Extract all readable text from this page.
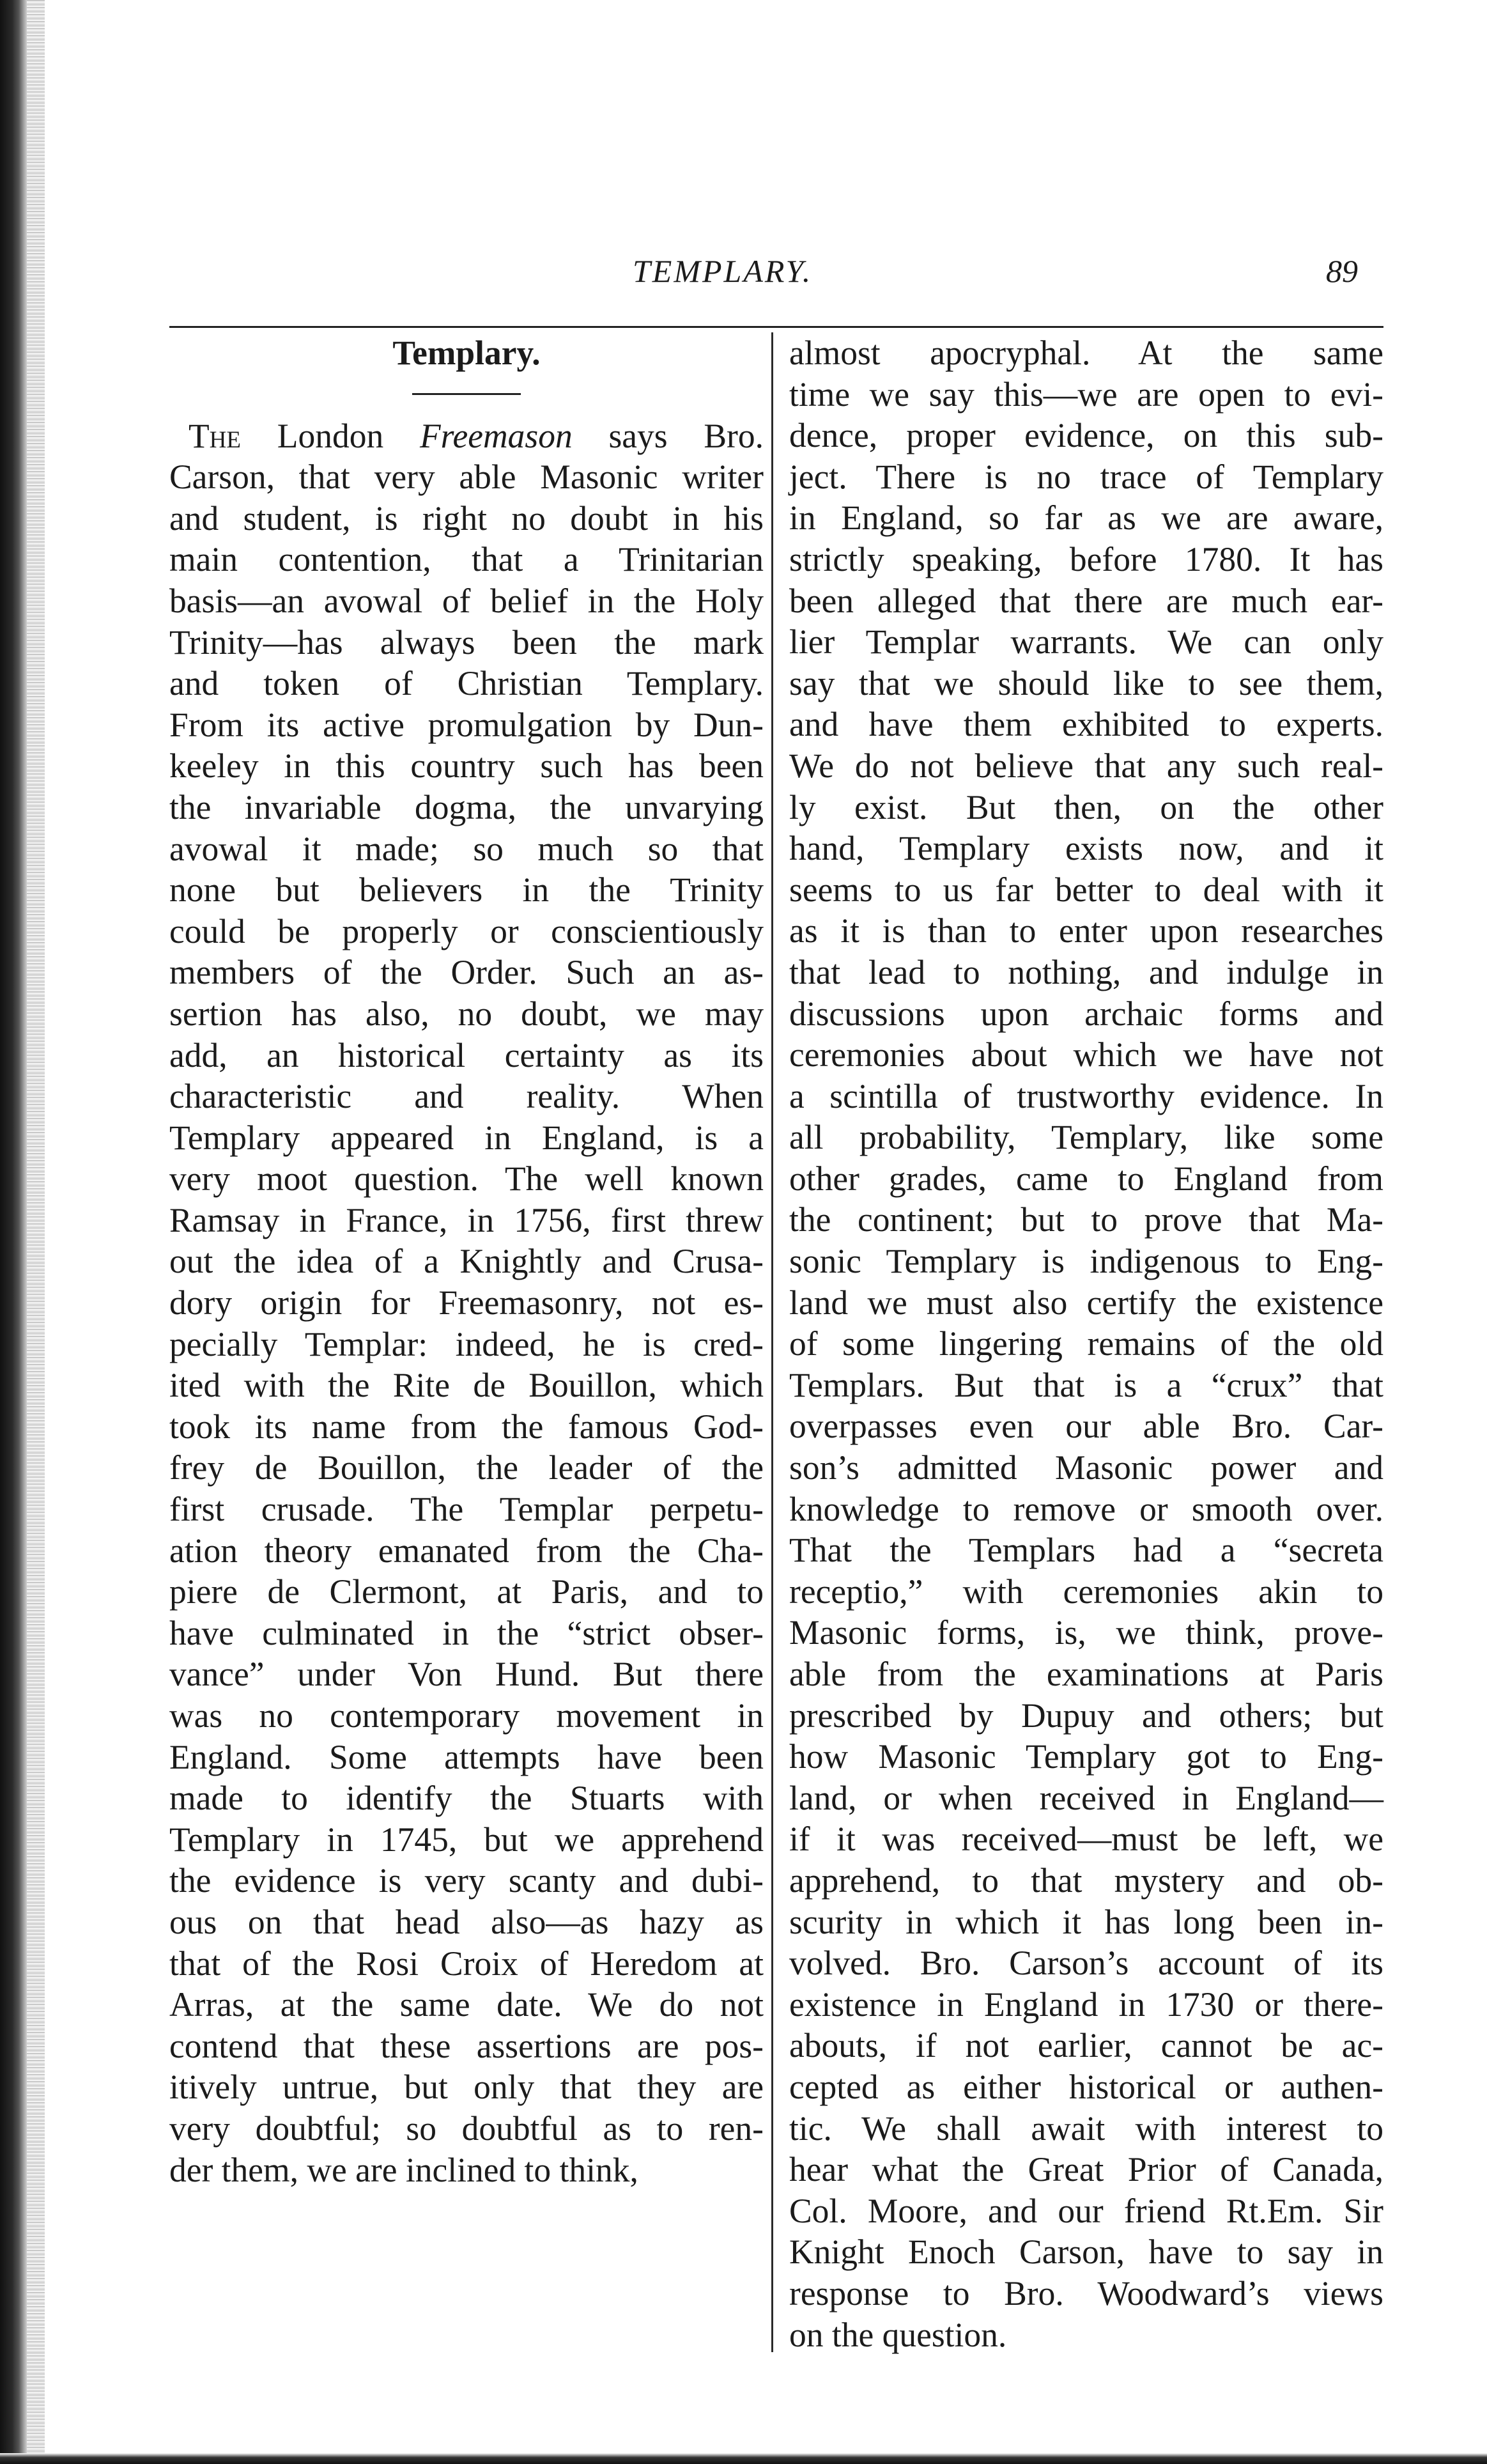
TEMPLARY.	89
Templary.
The London Freemason says Bro.
Carson, that very able Masonic writer
and student, is right no doubt in his
main contention, that a Trinitarian
basis—an avowal of belief in the Holy
Trinity—has always been the mark
and token of Christian Templary.
From its active promulgation by Dun-
keeley in this country such has been
the invariable dogma, the unvarying
avowal it made; so much so that
none but believers in the Trinity
could be properly or conscientiously
members of the Order. Such an as-
sertion has also, no doubt, we may
add, an historical certainty as its
characteristic and reality. When
Templary appeared in England, is a
very moot question. The well known
Ramsay in France, in 1756, first threw
out the idea of a Knightly and Crusa-
dory origin for Freemasonry, not es-
pecially Templar: indeed, he is cred-
ited with the Rite de Bouillon, which
took its name from the famous God-
frey de Bouillon, the leader of the
first crusade. The Templar perpetu-
ation theory emanated from the Cha-
piere de Clermont, at Paris, and to
have culminated in the “strict obser-
vance” under Von Hund. But there
was no contemporary movement in
England. Some attempts have been
made to identify the Stuarts with
Templary in 1745, but we apprehend
the evidence is very scanty and dubi-
ous on that head also—as hazy as
that of the Rosi Croix of Heredom at
Arras, at the same date. We do not
contend that these assertions are pos-
itively untrue, but only that they are
very doubtful; so doubtful as to ren-
der them, we are inclined to think,
almost apocryphal. At the same
time we say this—we are open to evi-
dence, proper evidence, on this sub-
ject. There is no trace of Templary
in England, so far as we are aware,
strictly speaking, before 1780. It has
been alleged that there are much ear-
lier Templar warrants. We can only
say that we should like to see them,
and have them exhibited to experts.
We do not believe that any such real-
ly exist. But then, on the other
hand, Templary exists now, and it
seems to us far better to deal with it
as it is than to enter upon researches
that lead to nothing, and indulge in
discussions upon archaic forms and
ceremonies about which we have not
a scintilla of trustworthy evidence. In
all probability, Templary, like some
other grades, came to England from
the continent; but to prove that Ma-
sonic Templary is indigenous to Eng-
land we must also certify the existence
of some lingering remains of the old
Templars. But that is a “crux” that
overpasses even our able Bro. Car-
son’s admitted Masonic power and
knowledge to remove or smooth over.
That the Templars had a “secreta
receptio,” with ceremonies akin to
Masonic forms, is, we think, prove-
able from the examinations at Paris
prescribed by Dupuy and others; but
how Masonic Templary got to Eng-
land, or when received in England—
if it was received—must be left, we
apprehend, to that mystery and ob-
scurity in which it has long been in-
volved. Bro. Carson’s account of its
existence in England in 1730 or there-
abouts, if not earlier, cannot be ac-
cepted as either historical or authen-
tic. We shall await with interest to
hear what the Great Prior of Canada,
Col. Moore, and our friend Rt.Em. Sir
Knight Enoch Carson, have to say in
response to Bro. Woodward’s views
on the question.
